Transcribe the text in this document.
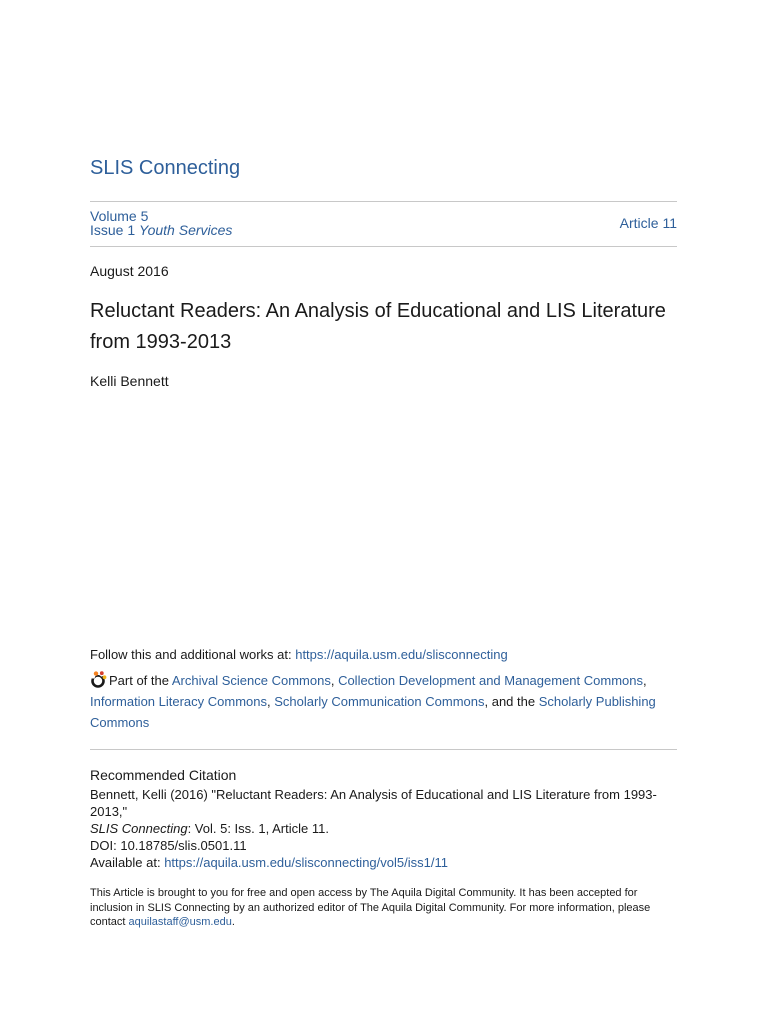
SLIS Connecting
Volume 5
Issue 1 Youth Services	Article 11
August 2016
Reluctant Readers: An Analysis of Educational and LIS Literature from 1993-2013
Kelli Bennett
Follow this and additional works at: https://aquila.usm.edu/slisconnecting
Part of the Archival Science Commons, Collection Development and Management Commons,
Information Literacy Commons, Scholarly Communication Commons, and the Scholarly Publishing Commons
Recommended Citation
Bennett, Kelli (2016) "Reluctant Readers: An Analysis of Educational and LIS Literature from 1993-2013,"
SLIS Connecting: Vol. 5: Iss. 1, Article 11.
DOI: 10.18785/slis.0501.11
Available at: https://aquila.usm.edu/slisconnecting/vol5/iss1/11
This Article is brought to you for free and open access by The Aquila Digital Community. It has been accepted for inclusion in SLIS Connecting by an authorized editor of The Aquila Digital Community. For more information, please contact aquilastaff@usm.edu.
